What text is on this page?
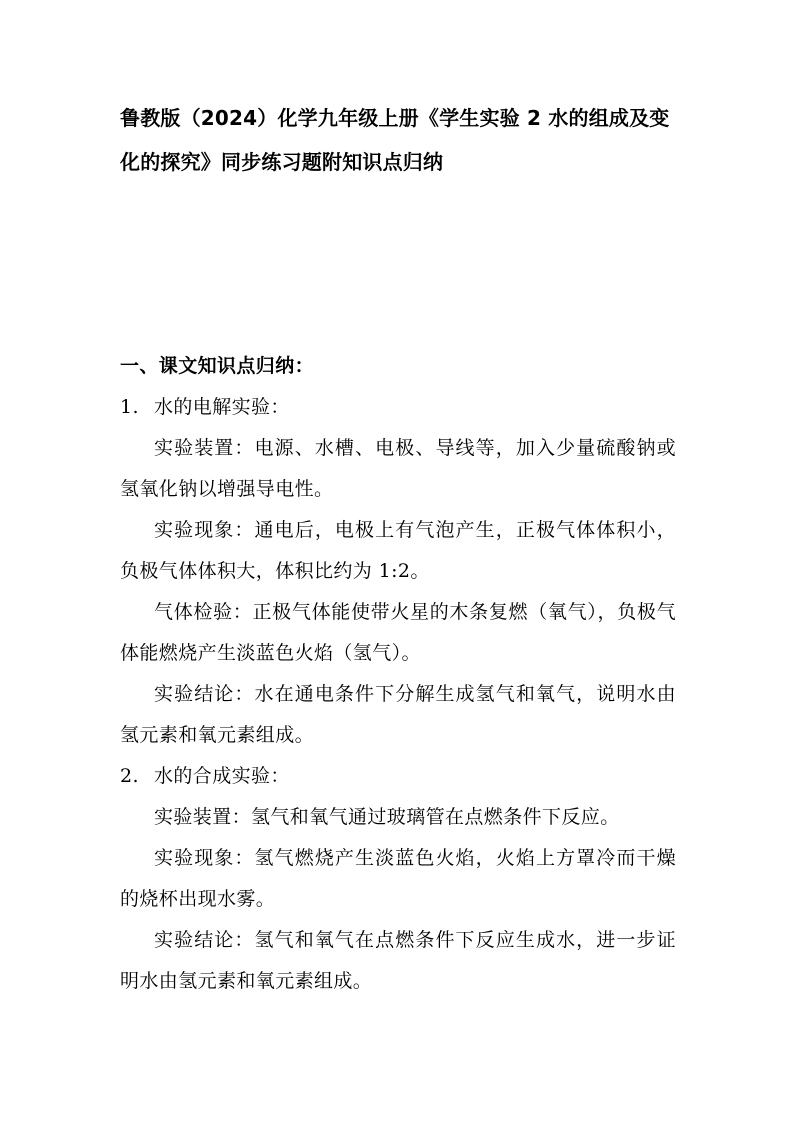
鲁教版（2024）化学九年级上册《学生实验 2 水的组成及变化的探究》同步练习题附知识点归纳

一、课文知识点归纳：

1. 水的电解实验：

实验装置：电源、水槽、电极、导线等，加入少量硫酸钠或氢氧化钠以增强导电性。

实验现象：通电后，电极上有气泡产生，正极气体体积小，负极气体体积大，体积比约为 1:2。

气体检验：正极气体能使带火星的木条复燃（氧气），负极气体能燃烧产生淡蓝色火焰（氢气）。

实验结论：水在通电条件下分解生成氢气和氧气，说明水由氢元素和氧元素组成。

2. 水的合成实验：

实验装置：氢气和氧气通过玻璃管在点燃条件下反应。

实验现象：氢气燃烧产生淡蓝色火焰，火焰上方罩冷而干燥的烧杯出现水雾。

实验结论：氢气和氧气在点燃条件下反应生成水，进一步证明水由氢元素和氧元素组成。
